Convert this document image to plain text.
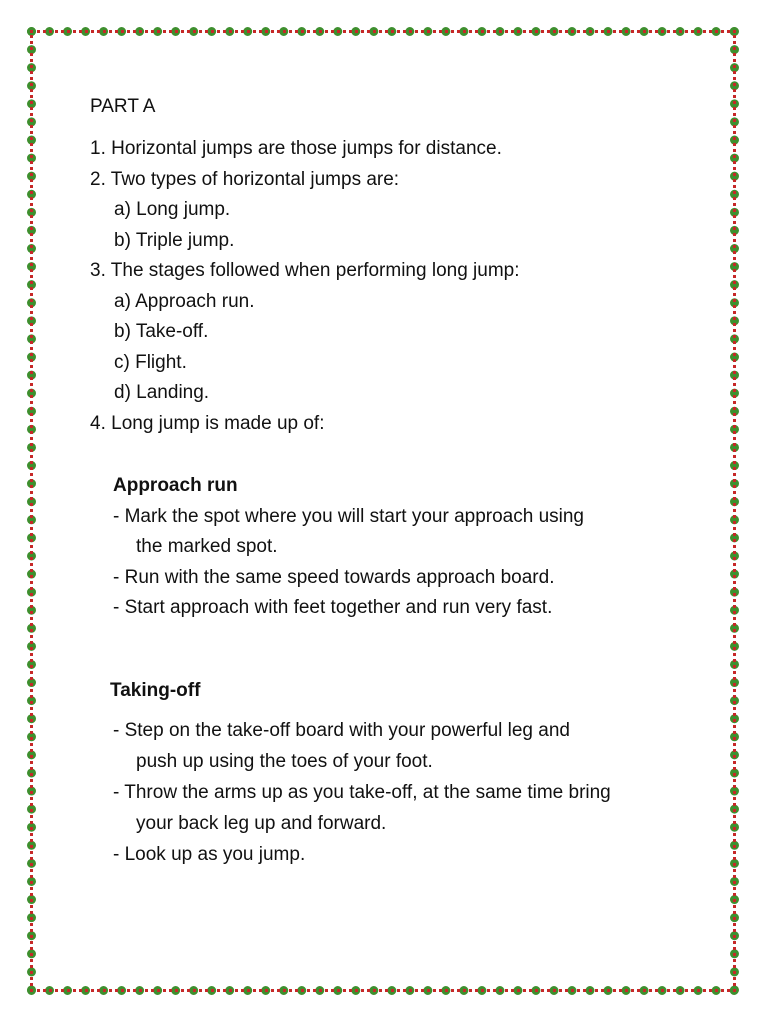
PART A
1. Horizontal jumps are those jumps for distance.
2. Two types of horizontal jumps are:
a) Long jump.
b) Triple jump.
3. The stages followed when performing long jump:
a) Approach run.
b) Take-off.
c) Flight.
d) Landing.
4. Long jump is made up of:
Approach run
- Mark the spot where you will start your approach using
the marked spot.
- Run with the same speed towards approach board.
- Start approach with feet together and run very fast.
Taking-off
- Step on the take-off board with your powerful leg and
push up using the toes of your foot.
- Throw the arms up as you take-off, at the same time bring
your back leg up and forward.
- Look up as you jump.
